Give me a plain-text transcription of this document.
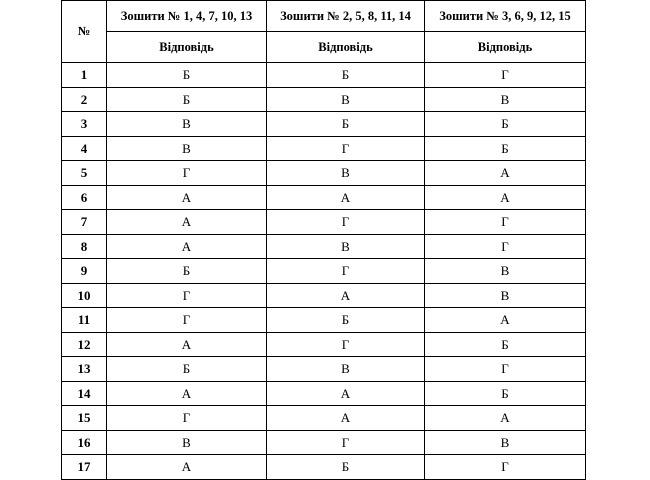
№	Зошити № 1, 4, 7, 10, 13	Зошити № 2, 5, 8, 11, 14	Зошити № 3, 6, 9, 12, 15
	Відповідь	Відповідь	Відповідь
1	Б	Б	Г
2	Б	В	В
3	В	Б	Б
4	В	Г	Б
5	Г	В	А
6	А	А	А
7	А	Г	Г
8	А	В	Г
9	Б	Г	В
10	Г	А	В
11	Г	Б	А
12	А	Г	Б
13	Б	В	Г
14	А	А	Б
15	Г	А	А
16	В	Г	В
17	А	Б	Г
